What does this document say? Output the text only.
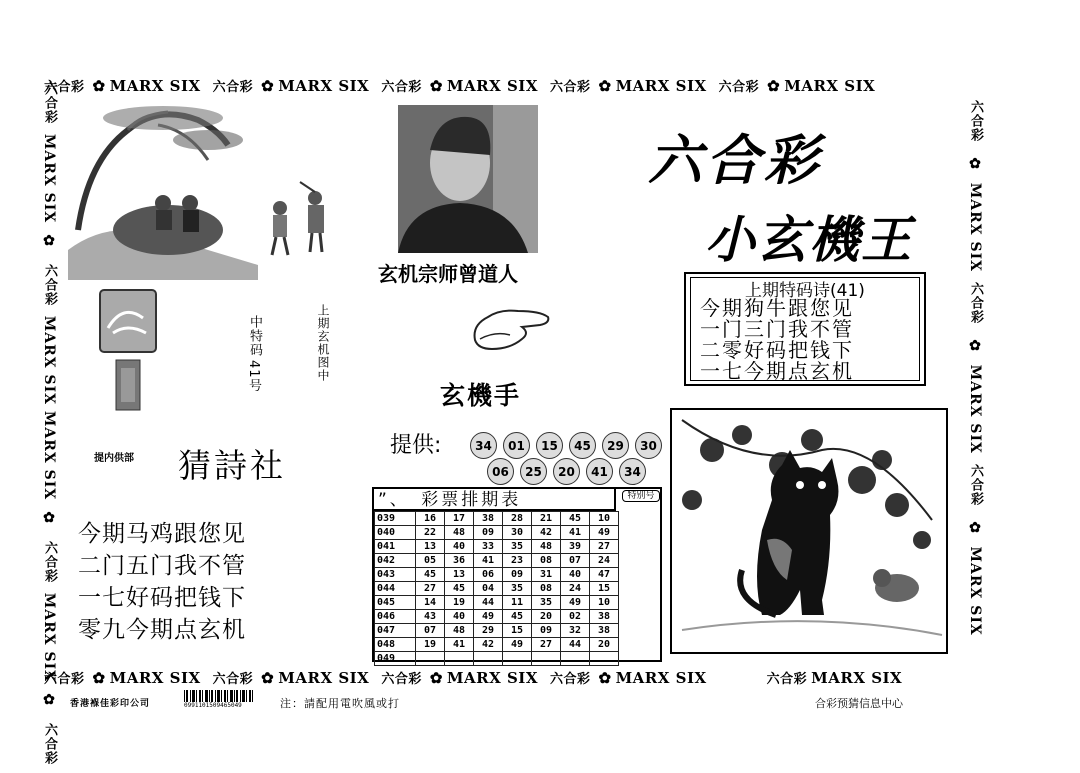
六合彩 ✿ MARX SIX 六合彩 ✿ MARX SIX 六合彩 ✿ MARX SIX 六合彩 ✿ MARX SIX 六合彩 ✿ MARX SIX
六合彩 ✿ MARX SIX 六合彩 ✿ MARX SIX 六合彩 ✿ MARX SIX 六合彩 ✿ MARX SIX	六合彩 MARX SIX
六合彩 MARX SIX ✿ 六合彩 MARX SIX MARX SIX ✿ 六合彩 MARX SIX ✿ 六合彩
六合彩 ✿ MARX SIX 六合彩 ✿ MARX SIX 六合彩 ✿ MARX SIX
中特码
41号	上期玄机图中
玄机宗师曾道人
玄機手
六合彩
小玄機王
上期特码诗(41)
今期狗牛跟您见
一门三门我不管
二零好码把钱下
一七今期点玄机
提内供部 猜詩社
今期马鸡跟您见
二门五门我不管
一七好码把钱下
零九今期点玄机
提供:	34	01	15	45	29	30
06	25	20	41	34
”、　彩票排期表	特别号
039	16	17	38	28	21	45	10
040	22	48	09	30	42	41	49
041	13	40	33	35	48	39	27
042	05	36	41	23	08	07	24
043	45	13	06	09	31	40	47
044	27	45	04	35	08	24	15
045	14	19	44	11	35	49	10
046	43	40	49	45	20	02	38
047	07	48	29	15	09	32	38
048	19	41	42	49	27	44	20
049							
香港褓佳彩印公司	0991101509465049	注：請配用電吹風或打	合彩预猜信息中心
